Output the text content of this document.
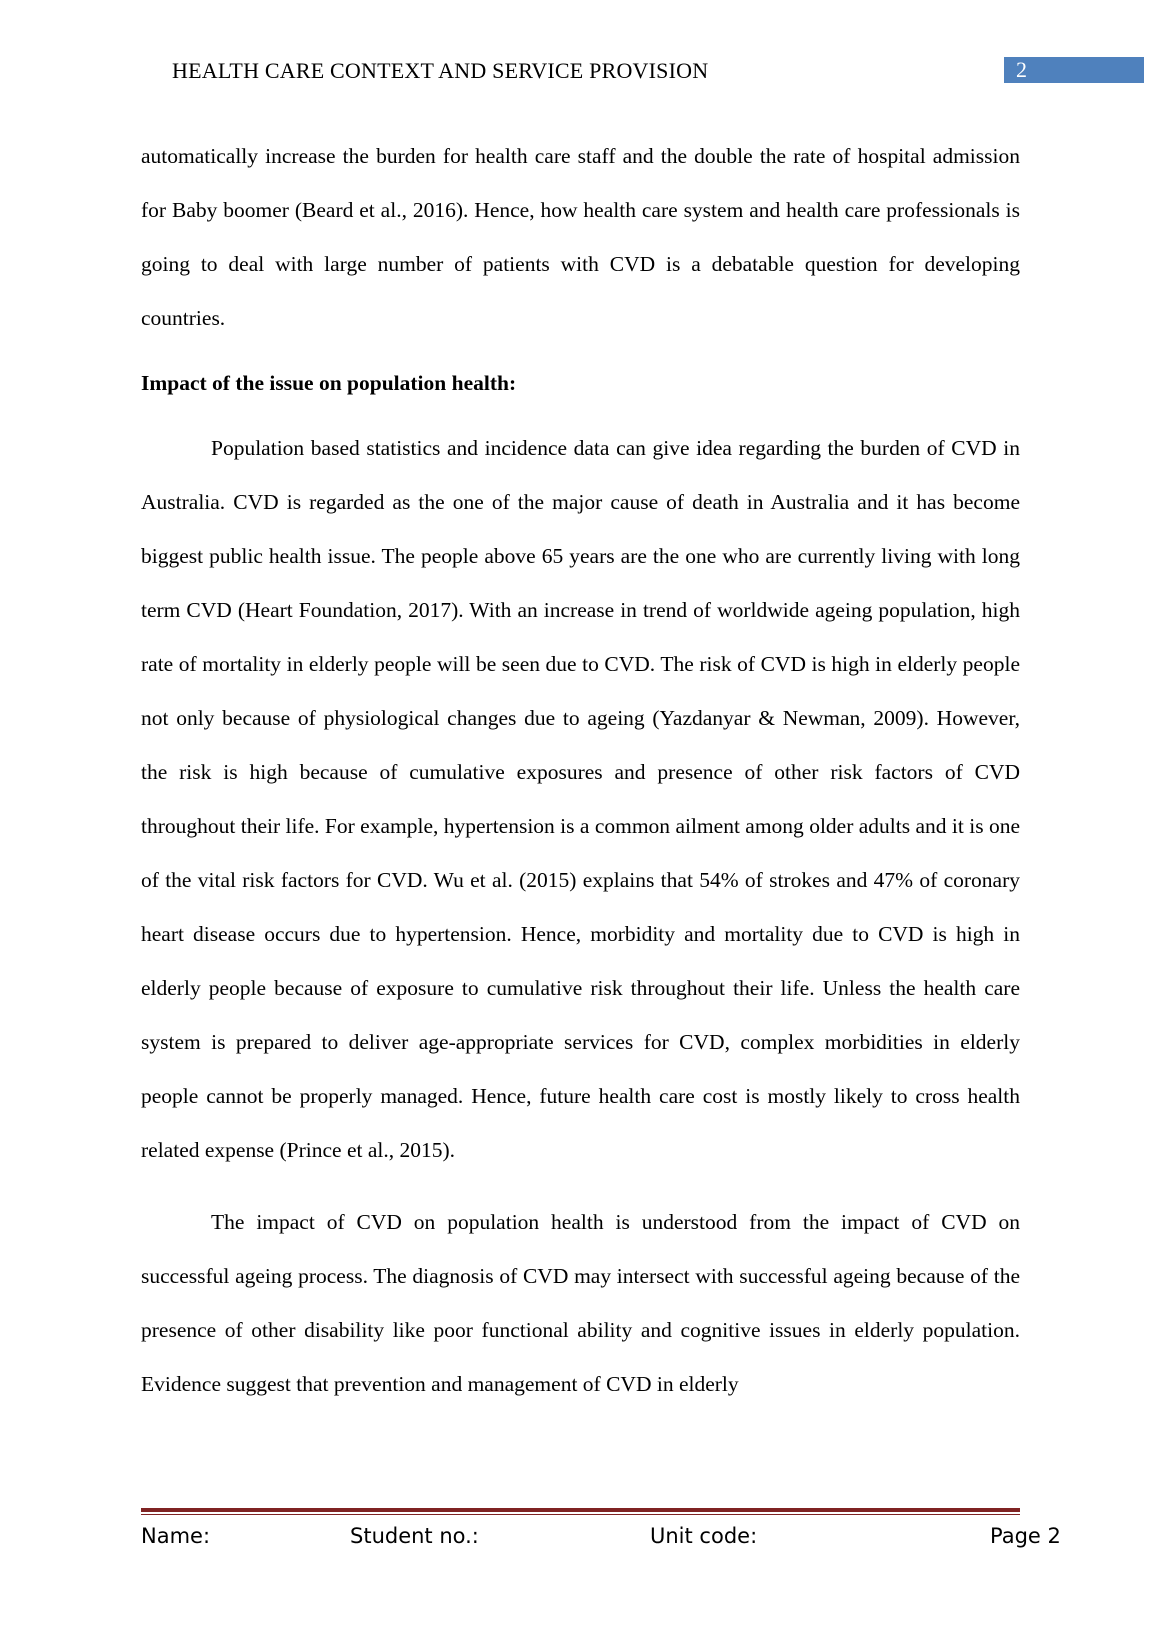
HEALTH CARE CONTEXT AND SERVICE PROVISION	2

automatically increase the burden for health care staff and the double the rate of hospital admission for Baby boomer (Beard et al., 2016). Hence, how health care system and health care professionals is going to deal with large number of patients with CVD is a debatable question for developing countries.

Impact of the issue on population health:

Population based statistics and incidence data can give idea regarding the burden of CVD in Australia. CVD is regarded as the one of the major cause of death in Australia and it has become biggest public health issue. The people above 65 years are the one who are currently living with long term CVD (Heart Foundation, 2017). With an increase in trend of worldwide ageing population, high rate of mortality in elderly people will be seen due to CVD. The risk of CVD is high in elderly people not only because of physiological changes due to ageing (Yazdanyar & Newman, 2009). However, the risk is high because of cumulative exposures and presence of other risk factors of CVD throughout their life. For example, hypertension is a common ailment among older adults and it is one of the vital risk factors for CVD. Wu et al. (2015) explains that 54% of strokes and 47% of coronary heart disease occurs due to hypertension. Hence, morbidity and mortality due to CVD is high in elderly people because of exposure to cumulative risk throughout their life. Unless the health care system is prepared to deliver age-appropriate services for CVD, complex morbidities in elderly people cannot be properly managed. Hence, future health care cost is mostly likely to cross health related expense (Prince et al., 2015).

The impact of CVD on population health is understood from the impact of CVD on successful ageing process. The diagnosis of CVD may intersect with successful ageing because of the presence of other disability like poor functional ability and cognitive issues in elderly population. Evidence suggest that prevention and management of CVD in elderly

Name:	Student no.:	Unit code:	Page 2
